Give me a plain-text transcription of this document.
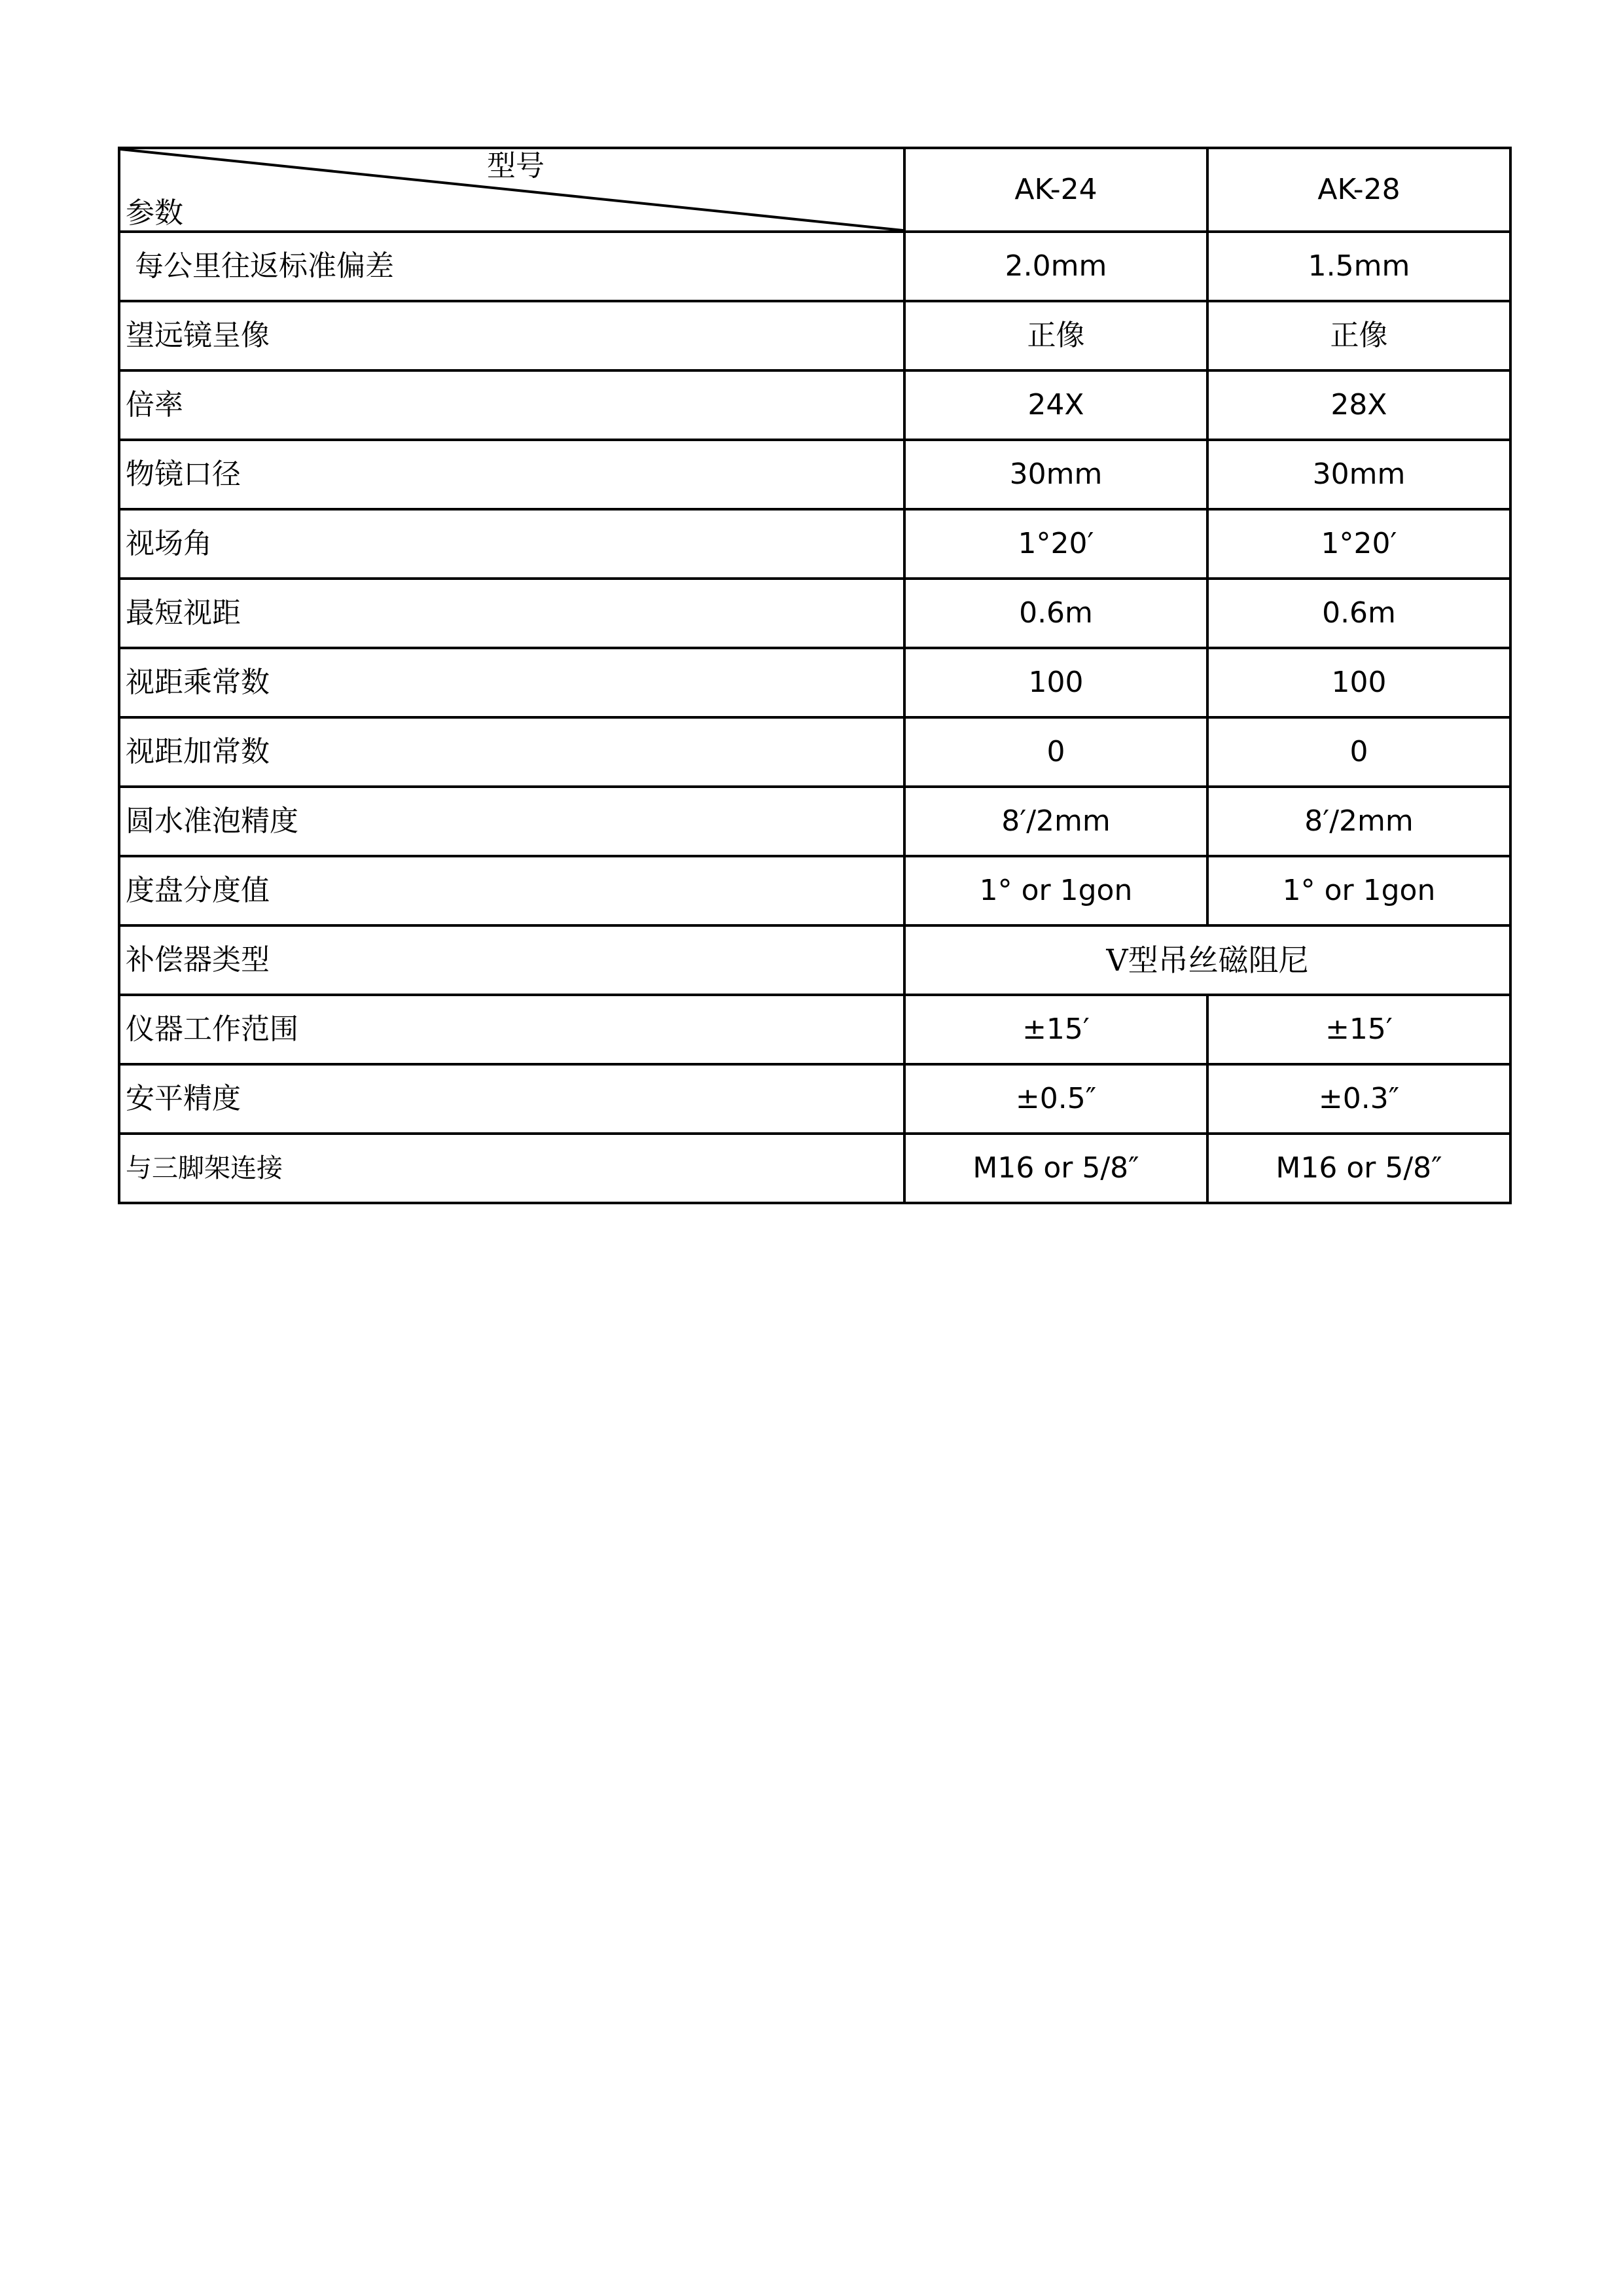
型号
参数	AK-24	AK-28
每公里往返标准偏差	2.0mm	1.5mm
望远镜呈像	正像	正像
倍率	24X	28X
物镜口径	30mm	30mm
视场角	1°20′	1°20′
最短视距	0.6m	0.6m
视距乘常数	100	100
视距加常数	0	0
圆水准泡精度	8′/2mm	8′/2mm
度盘分度值	1° or 1gon	1° or 1gon
补偿器类型	V型吊丝磁阻尼	
仪器工作范围	±15′	±15′
安平精度	±0.5″	±0.3″
与三脚架连接	M16 or 5/8″	M16 or 5/8″
